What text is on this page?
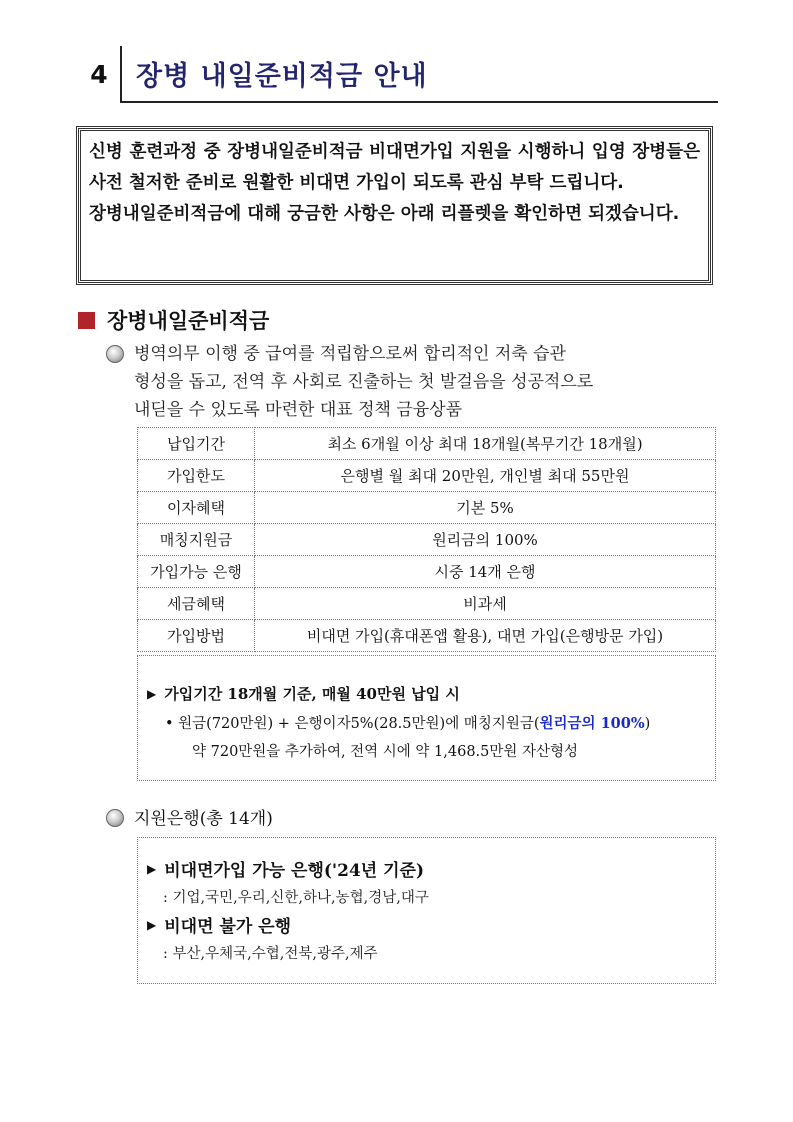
4	장병 내일준비적금 안내

신병 훈련과정 중 장병내일준비적금 비대면가입 지원을 시행하니 입영 장병들은 사전 철저한 준비로 원활한 비대면 가입이 되도록 관심 부탁 드립니다.

장병내일준비적금에 대해 궁금한 사항은 아래 리플렛을 확인하면 되겠습니다.

장병내일준비적금

병역의무 이행 중 급여를 적립함으로써 합리적인 저축 습관

형성을 돕고, 전역 후 사회로 진출하는 첫 발걸음을 성공적으로

내딛을 수 있도록 마련한 대표 정책 금융상품

납입기간	최소 6개월 이상 최대 18개월(복무기간 18개월)
가입한도	은행별 월 최대 20만원, 개인별 최대 55만원
이자혜택	기본 5%
매칭지원금	원리금의 100%
가입가능 은행	시중 14개 은행
세금혜택	비과세
가입방법	비대면 가입(휴대폰앱 활용), 대면 가입(은행방문 가입)
▶ 가입기간 18개월 기준, 매월 40만원 납입 시
• 원금(720만원) + 은행이자5%(28.5만원)에 매칭지원금(원리금의 100%)
약 720만원을 추가하여, 전역 시에 약 1,468.5만원 자산형성
지원은행(총 14개)
▶ 비대면가입 가능 은행('24년 기준)
: 기업,국민,우리,신한,하나,농협,경남,대구
▶ 비대면 불가 은행
: 부산,우체국,수협,전북,광주,제주
